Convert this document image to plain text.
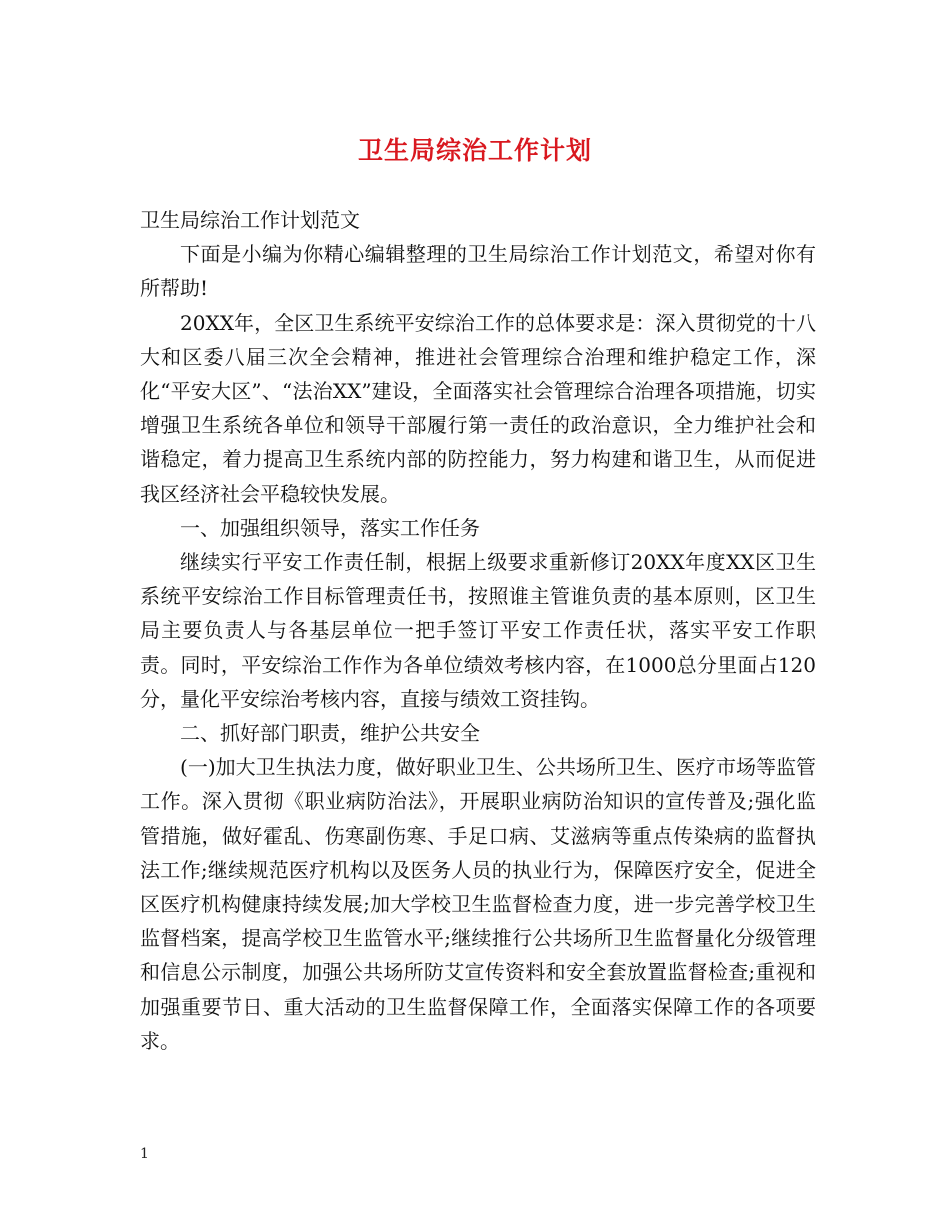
卫生局综治工作计划

卫生局综治工作计划范文

下面是小编为你精心编辑整理的卫生局综治工作计划范文，希望对你有所帮助!

20XX年，全区卫生系统平安综治工作的总体要求是：深入贯彻党的十八大和区委八届三次全会精神，推进社会管理综合治理和维护稳定工作，深化“平安大区”、“法治XX”建设，全面落实社会管理综合治理各项措施，切实增强卫生系统各单位和领导干部履行第一责任的政治意识，全力维护社会和谐稳定，着力提高卫生系统内部的防控能力，努力构建和谐卫生，从而促进我区经济社会平稳较快发展。

一、加强组织领导，落实工作任务

继续实行平安工作责任制，根据上级要求重新修订20XX年度XX区卫生系统平安综治工作目标管理责任书，按照谁主管谁负责的基本原则，区卫生局主要负责人与各基层单位一把手签订平安工作责任状，落实平安工作职责。同时，平安综治工作作为各单位绩效考核内容，在1000总分里面占120分，量化平安综治考核内容，直接与绩效工资挂钩。

二、抓好部门职责，维护公共安全

(一)加大卫生执法力度，做好职业卫生、公共场所卫生、医疗市场等监管工作。深入贯彻《职业病防治法》，开展职业病防治知识的宣传普及;强化监管措施，做好霍乱、伤寒副伤寒、手足口病、艾滋病等重点传染病的监督执法工作;继续规范医疗机构以及医务人员的执业行为，保障医疗安全，促进全区医疗机构健康持续发展;加大学校卫生监督检查力度，进一步完善学校卫生监督档案，提高学校卫生监管水平;继续推行公共场所卫生监督量化分级管理和信息公示制度，加强公共场所防艾宣传资料和安全套放置监督检查;重视和加强重要节日、重大活动的卫生监督保障工作，全面落实保障工作的各项要求。

1
